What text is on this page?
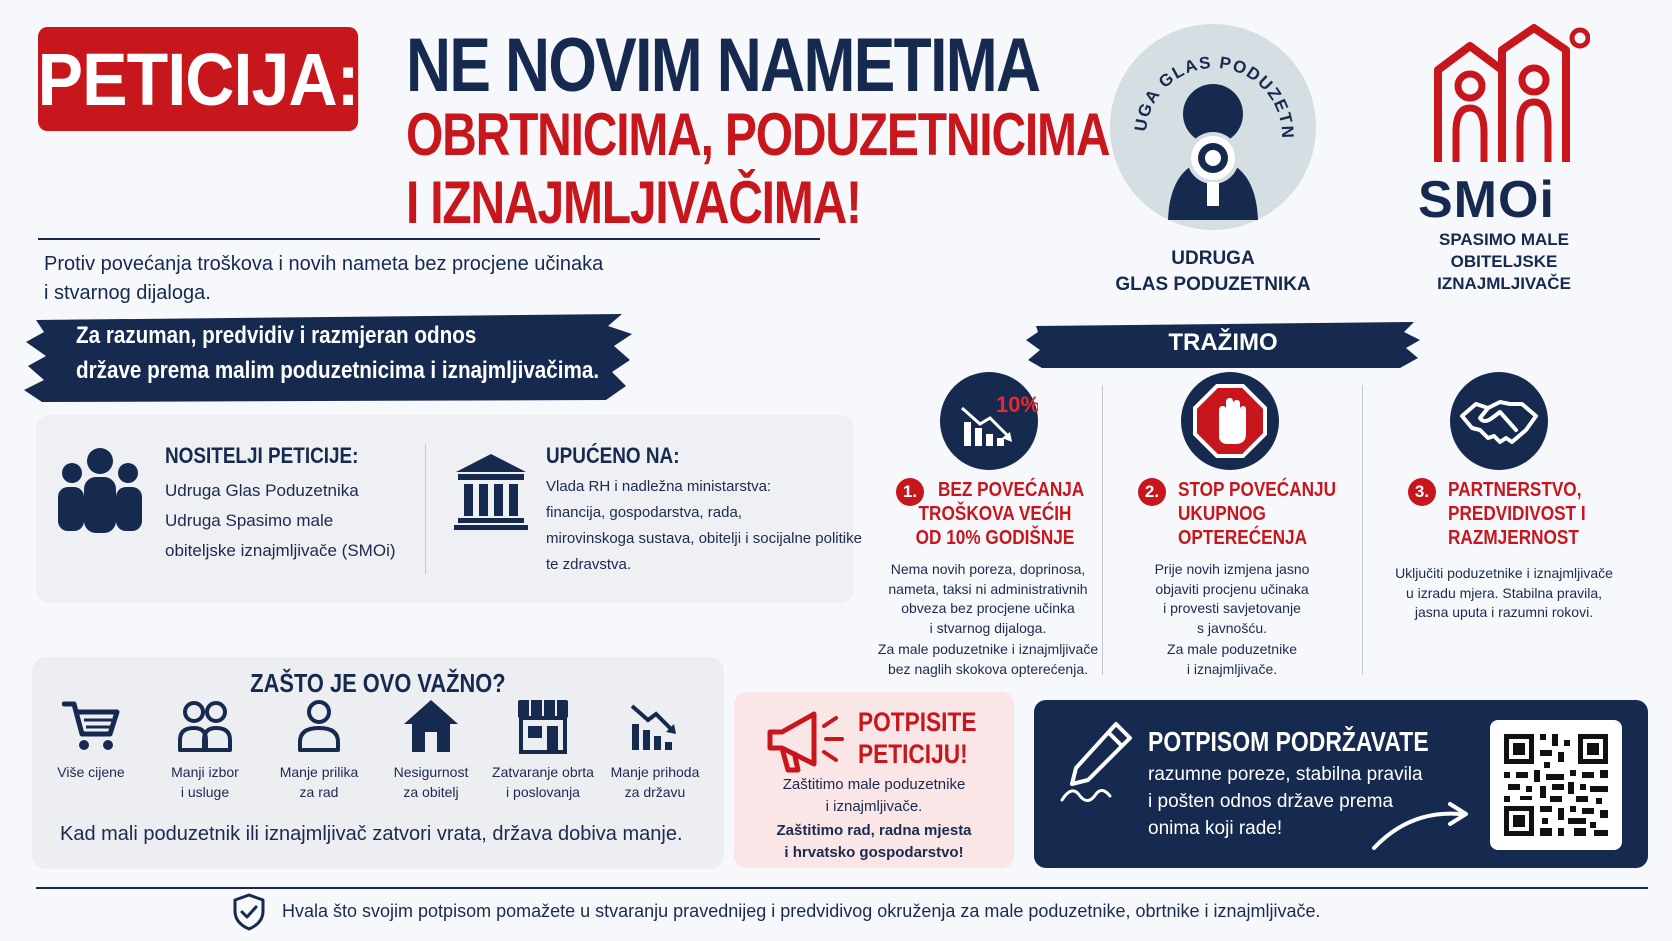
PETICIJA: NE NOVIM NAMETIMA
OBRTNICIMA, PODUZETNICIMA
I IZNAJMLJIVAČIMA!
Protiv povećanja troškova i novih nameta bez procjene učinaka
i stvarnog dijaloga.
Za razuman, predvidiv i razmjeran odnos
države prema malim poduzetnicima i iznajmljivačima.
NOSITELJI PETICIJE:
Udruga Glas Poduzetnika
Udruga Spasimo male
obiteljske iznajmljivače (SMOi)
UPUĆENO NA:
Vlada RH i nadležna ministarstva:
financija, gospodarstva, rada,
mirovinskoga sustava, obitelji i socijalne politike
te zdravstva.
ZAŠTO JE OVO VAŽNO?
Više cijene	Manji izbor
i usluge
Manje prilika
za rad
Nesigurnost
za obitelj
Zatvaranje obrta
i poslovanja
Manje prihoda
za državu
Kad mali poduzetnik ili iznajmljivač zatvori vrata, država dobiva manje.
POTPISITE
PETICIJU!
Zaštitimo male poduzetnike
i iznajmljivače.
Zaštitimo rad, radna mjesta
i hrvatsko gospodarstvo!
POTPISOM PODRŽAVATE
razumne poreze, stabilna pravila
i pošten odnos države prema
onima koji rade!
Hvala što svojim potpisom pomažete u stvaranju pravednijeg i predvidivog okruženja za male poduzetnike, obrtnike i iznajmljivače.
UGA GLAS PODUZETN
UDRUGA
GLAS PODUZETNIKA
SMOi
SPASIMO MALE
OBITELJSKE
IZNAJMLJIVAČE
TRAŽIMO
10%
1.	BEZ POVEĆANJA
TROŠKOVA VEĆIH
OD 10% GODIŠNJE
Nema novih poreza, doprinosa,
nameta, taksi ni administrativnih
obveza bez procjene učinka
i stvarnog dijaloga.
Za male poduzetnike i iznajmljivače
bez naglih skokova opterećenja.
2. STOP POVEĆANJU
UKUPNOG
OPTEREĆENJA
Prije novih izmjena jasno
objaviti procjenu učinaka
i provesti savjetovanje
s javnošću.
Za male poduzetnike
i iznajmljivače.
3. PARTNERSTVO,
PREDVIDIVOST I
RAZMJERNOST
Uključiti poduzetnike i iznajmljivače
u izradu mjera. Stabilna pravila,
jasna uputa i razumni rokovi.
